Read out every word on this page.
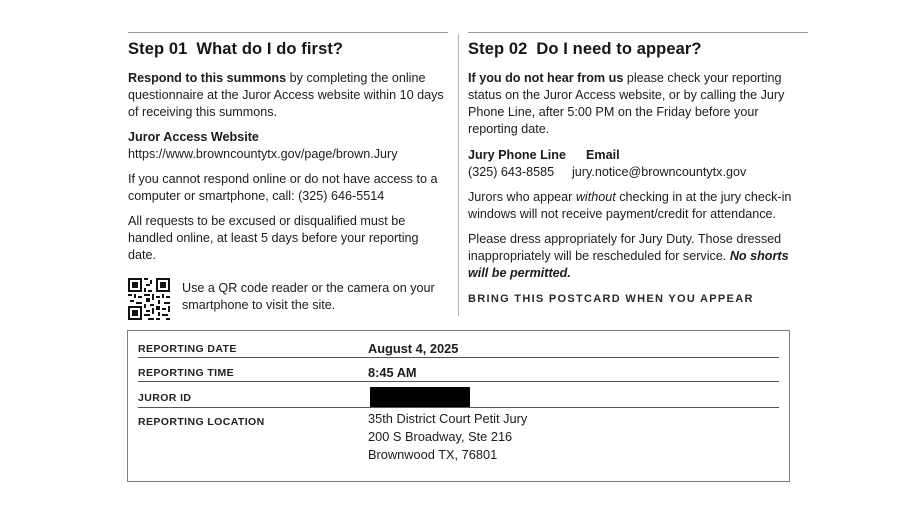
Step 01 What do I do first?

Respond to this summons by completing the online questionnaire at the Juror Access website within 10 days of receiving this summons.

Juror Access Website

https://www.browncountytx.gov/page/brown.Jury

If you cannot respond online or do not have access to a computer or smartphone, call: (325) 646-5514

All requests to be excused or disqualified must be handled online, at least 5 days before your reporting date.

Use a QR code reader or the camera on your smartphone to visit the site.
Step 02 Do I need to appear?

If you do not hear from us please check your reporting status on the Juror Access website, or by calling the Jury Phone Line, after 5:00 PM on the Friday before your reporting date.

Jury Phone Line Email

(325) 643-8585 jury.notice@browncountytx.gov

Jurors who appear without checking in at the jury check-in windows will not receive payment/credit for attendance.

Please dress appropriately for Jury Duty. Those dressed inappropriately will be rescheduled for service. No shorts will be permitted.

BRING THIS POSTCARD WHEN YOU APPEAR
REPORTING DATE	August 4, 2025
REPORTING TIME	8:45 AM
JUROR ID
REPORTING LOCATION	35th District Court Petit Jury
200 S Broadway, Ste 216
Brownwood TX, 76801
